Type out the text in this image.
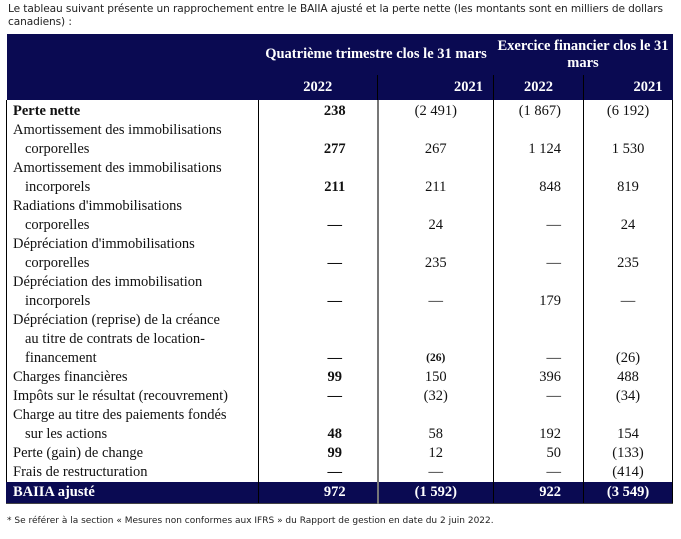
Le tableau suivant présente un rapprochement entre le BAIIA ajusté et la perte nette (les montants sont en milliers de dollars canadiens) :
	Quatrième trimestre clos le 31 mars		Exercice financier clos le 31 mars	
	2022	2021	2022	2021
Perte nette	238	(2 491)	(1 867)	(6 192)
Amortissement des immobilisations
corporelles	277	267	1 124	1 530
Amortissement des immobilisations
incorporels	211	211	848	819
Radiations d'immobilisations
corporelles	—	24	—	24
Dépréciation d'immobilisations
corporelles	—	235	—	235
Dépréciation des immobilisation
incorporels	—	—	179	—
Dépréciation (reprise) de la créance
au titre de contrats de location-
financement	—	(26)	—	(26)
Charges financières	99	150	396	488
Impôts sur le résultat (recouvrement)	—	(32)	—	(34)
Charge au titre des paiements fondés
sur les actions	48	58	192	154
Perte (gain) de change	99	12	50	(133)
Frais de restructuration	—	—	—	(414)
BAIIA ajusté	972	(1 592)	922	(3 549)
* Se référer à la section « Mesures non conformes aux IFRS » du Rapport de gestion en date du 2 juin 2022.
